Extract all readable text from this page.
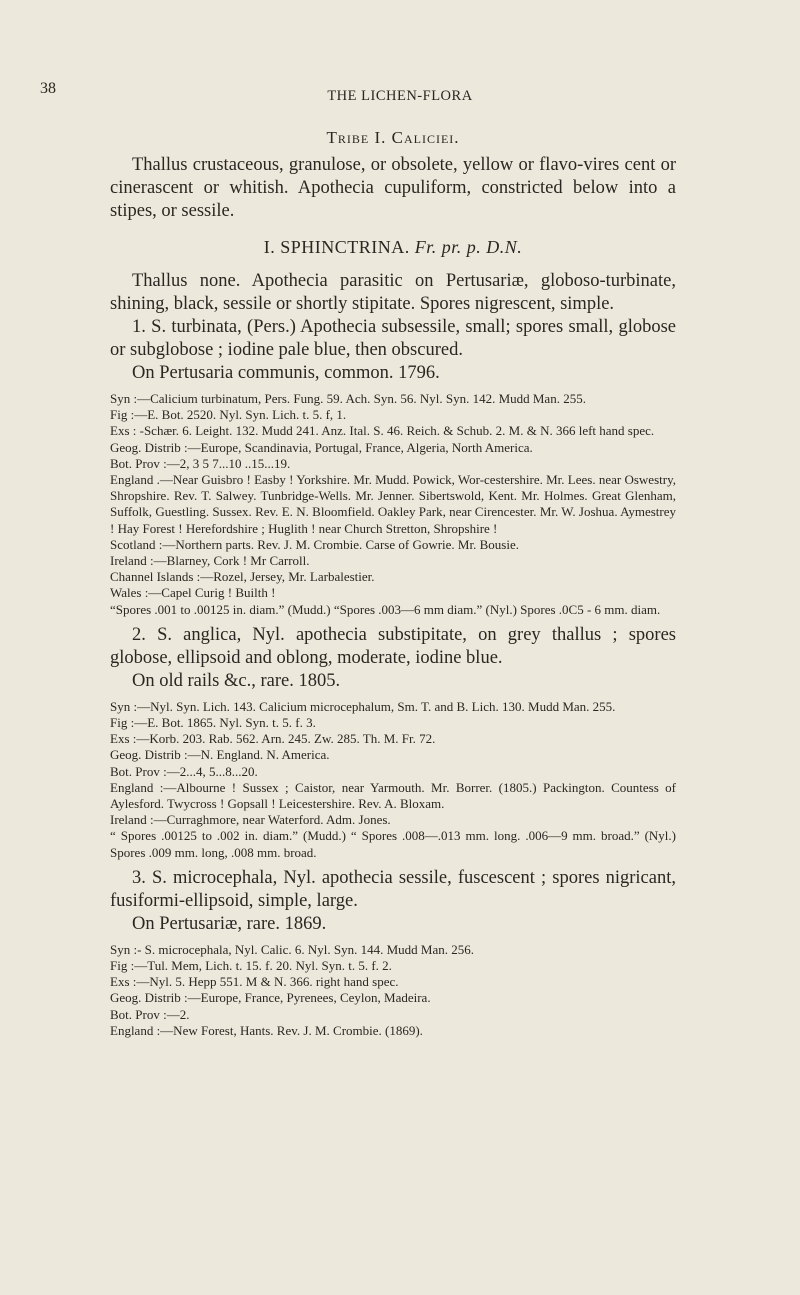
38	THE LICHEN-FLORA
Tribe I. Caliciei.

Thallus crustaceous, granulose, or obsolete, yellow or flavo-vires cent or cinerascent or whitish. Apothecia cupuliform, constricted below into a stipes, or sessile.

I. SPHINCTRINA. Fr. pr. p. D.N.

Thallus none. Apothecia parasitic on Pertusariæ, globoso-turbinate, shining, black, sessile or shortly stipitate. Spores nigrescent, simple.

1. S. turbinata, (Pers.) Apothecia subsessile, small; spores small, globose or subglobose ; iodine pale blue, then obscured.

On Pertusaria communis, common. 1796.

Syn :—Calicium turbinatum, Pers. Fung. 59. Ach. Syn. 56. Nyl. Syn. 142. Mudd Man. 255.

Fig :—E. Bot. 2520. Nyl. Syn. Lich. t. 5. f, 1.

Exs : -Schær. 6. Leight. 132. Mudd 241. Anz. Ital. S. 46. Reich. & Schub. 2. M. & N. 366 left hand spec.

Geog. Distrib :—Europe, Scandinavia, Portugal, France, Algeria, North America.

Bot. Prov :—2, 3 5 7...10 ..15...19.

England .—Near Guisbro ! Easby ! Yorkshire. Mr. Mudd. Powick, Wor-cestershire. Mr. Lees. near Oswestry, Shropshire. Rev. T. Salwey. Tunbridge-Wells. Mr. Jenner. Sibertswold, Kent. Mr. Holmes. Great Glenham, Suffolk, Guestling. Sussex. Rev. E. N. Bloomfield. Oakley Park, near Cirencester. Mr. W. Joshua. Aymestrey ! Hay Forest ! Herefordshire ; Huglith ! near Church Stretton, Shropshire !

Scotland :—Northern parts. Rev. J. M. Crombie. Carse of Gowrie. Mr. Bousie.

Ireland :—Blarney, Cork ! Mr Carroll.

Channel Islands :—Rozel, Jersey, Mr. Larbalestier.

Wales :—Capel Curig ! Builth !

“Spores .001 to .00125 in. diam.” (Mudd.) “Spores .003—6 mm diam.” (Nyl.) Spores .0C5 - 6 mm. diam.

2. S. anglica, Nyl. apothecia substipitate, on grey thallus ; spores globose, ellipsoid and oblong, moderate, iodine blue.

On old rails &c., rare. 1805.

Syn :—Nyl. Syn. Lich. 143. Calicium microcephalum, Sm. T. and B. Lich. 130. Mudd Man. 255.

Fig :—E. Bot. 1865. Nyl. Syn. t. 5. f. 3.

Exs :—Korb. 203. Rab. 562. Arn. 245. Zw. 285. Th. M. Fr. 72.

Geog. Distrib :—N. England. N. America.

Bot. Prov :—2...4, 5...8...20.

England :—Albourne ! Sussex ; Caistor, near Yarmouth. Mr. Borrer. (1805.) Packington. Countess of Aylesford. Twycross ! Gopsall ! Leicestershire. Rev. A. Bloxam.

Ireland :—Curraghmore, near Waterford. Adm. Jones.

“ Spores .00125 to .002 in. diam.” (Mudd.) “ Spores .008—.013 mm. long. .006—9 mm. broad.” (Nyl.) Spores .009 mm. long, .008 mm. broad.

3. S. microcephala, Nyl. apothecia sessile, fuscescent ; spores nigricant, fusiformi-ellipsoid, simple, large.

On Pertusariæ, rare. 1869.

Syn :- S. microcephala, Nyl. Calic. 6. Nyl. Syn. 144. Mudd Man. 256.

Fig :—Tul. Mem, Lich. t. 15. f. 20. Nyl. Syn. t. 5. f. 2.

Exs :—Nyl. 5. Hepp 551. M & N. 366. right hand spec.

Geog. Distrib :—Europe, France, Pyrenees, Ceylon, Madeira.

Bot. Prov :—2.

England :—New Forest, Hants. Rev. J. M. Crombie. (1869).
